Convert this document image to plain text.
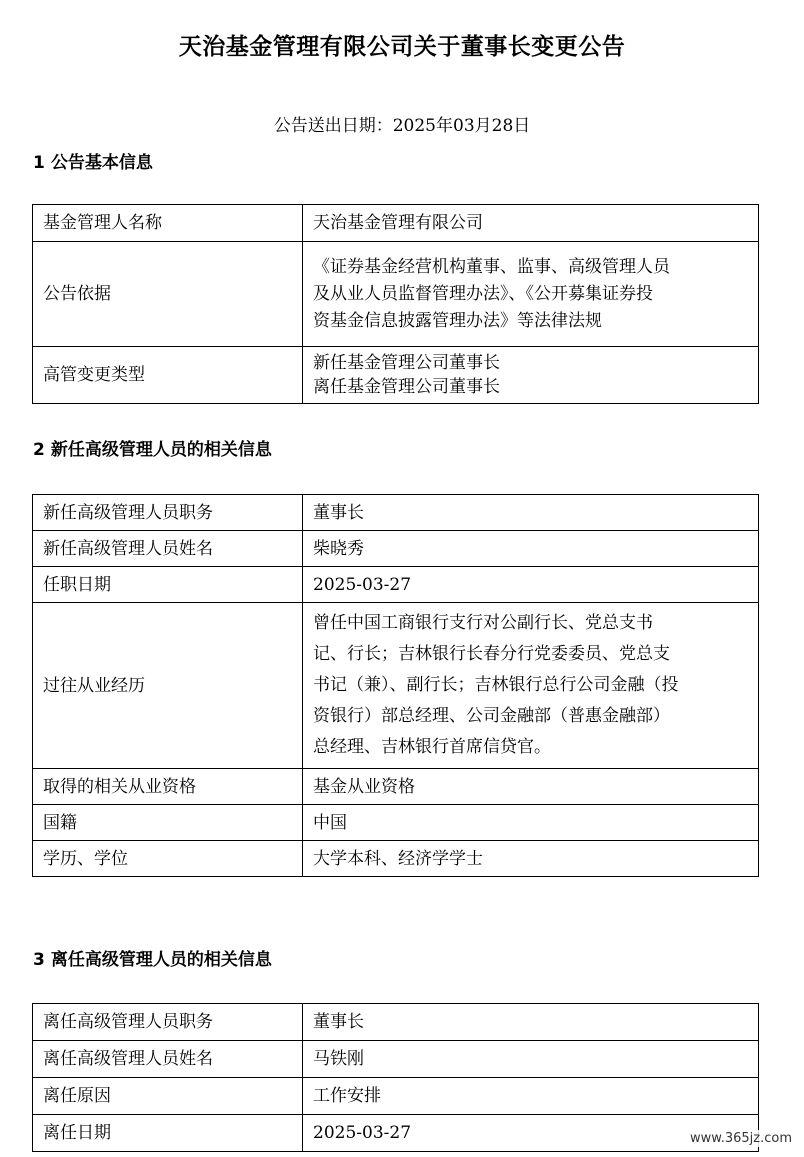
天治基金管理有限公司关于董事长变更公告
公告送出日期：2025年03月28日
1 公告基本信息
基金管理人名称	天治基金管理有限公司
公告依据	《证券基金经营机构董事、监事、高级管理人员
及从业人员监督管理办法》、《公开募集证券投
资基金信息披露管理办法》等法律法规

高管变更类型	新任基金管理公司董事长
离任基金管理公司董事长
2 新任高级管理人员的相关信息
新任高级管理人员职务	董事长
新任高级管理人员姓名	柴晓秀
任职日期	2025-03-27
过往从业经历	曾任中国工商银行支行对公副行长、党总支书
记、行长；吉林银行长春分行党委委员、党总支
书记（兼）、副行长；吉林银行总行公司金融（投
资银行）部总经理、公司金融部（普惠金融部）
总经理、吉林银行首席信贷官。

取得的相关从业资格	基金从业资格
国籍	中国
学历、学位	大学本科、经济学学士
3 离任高级管理人员的相关信息
离任高级管理人员职务	董事长
离任高级管理人员姓名	马铁刚
离任原因	工作安排
离任日期	2025-03-27	www.365jz.com
